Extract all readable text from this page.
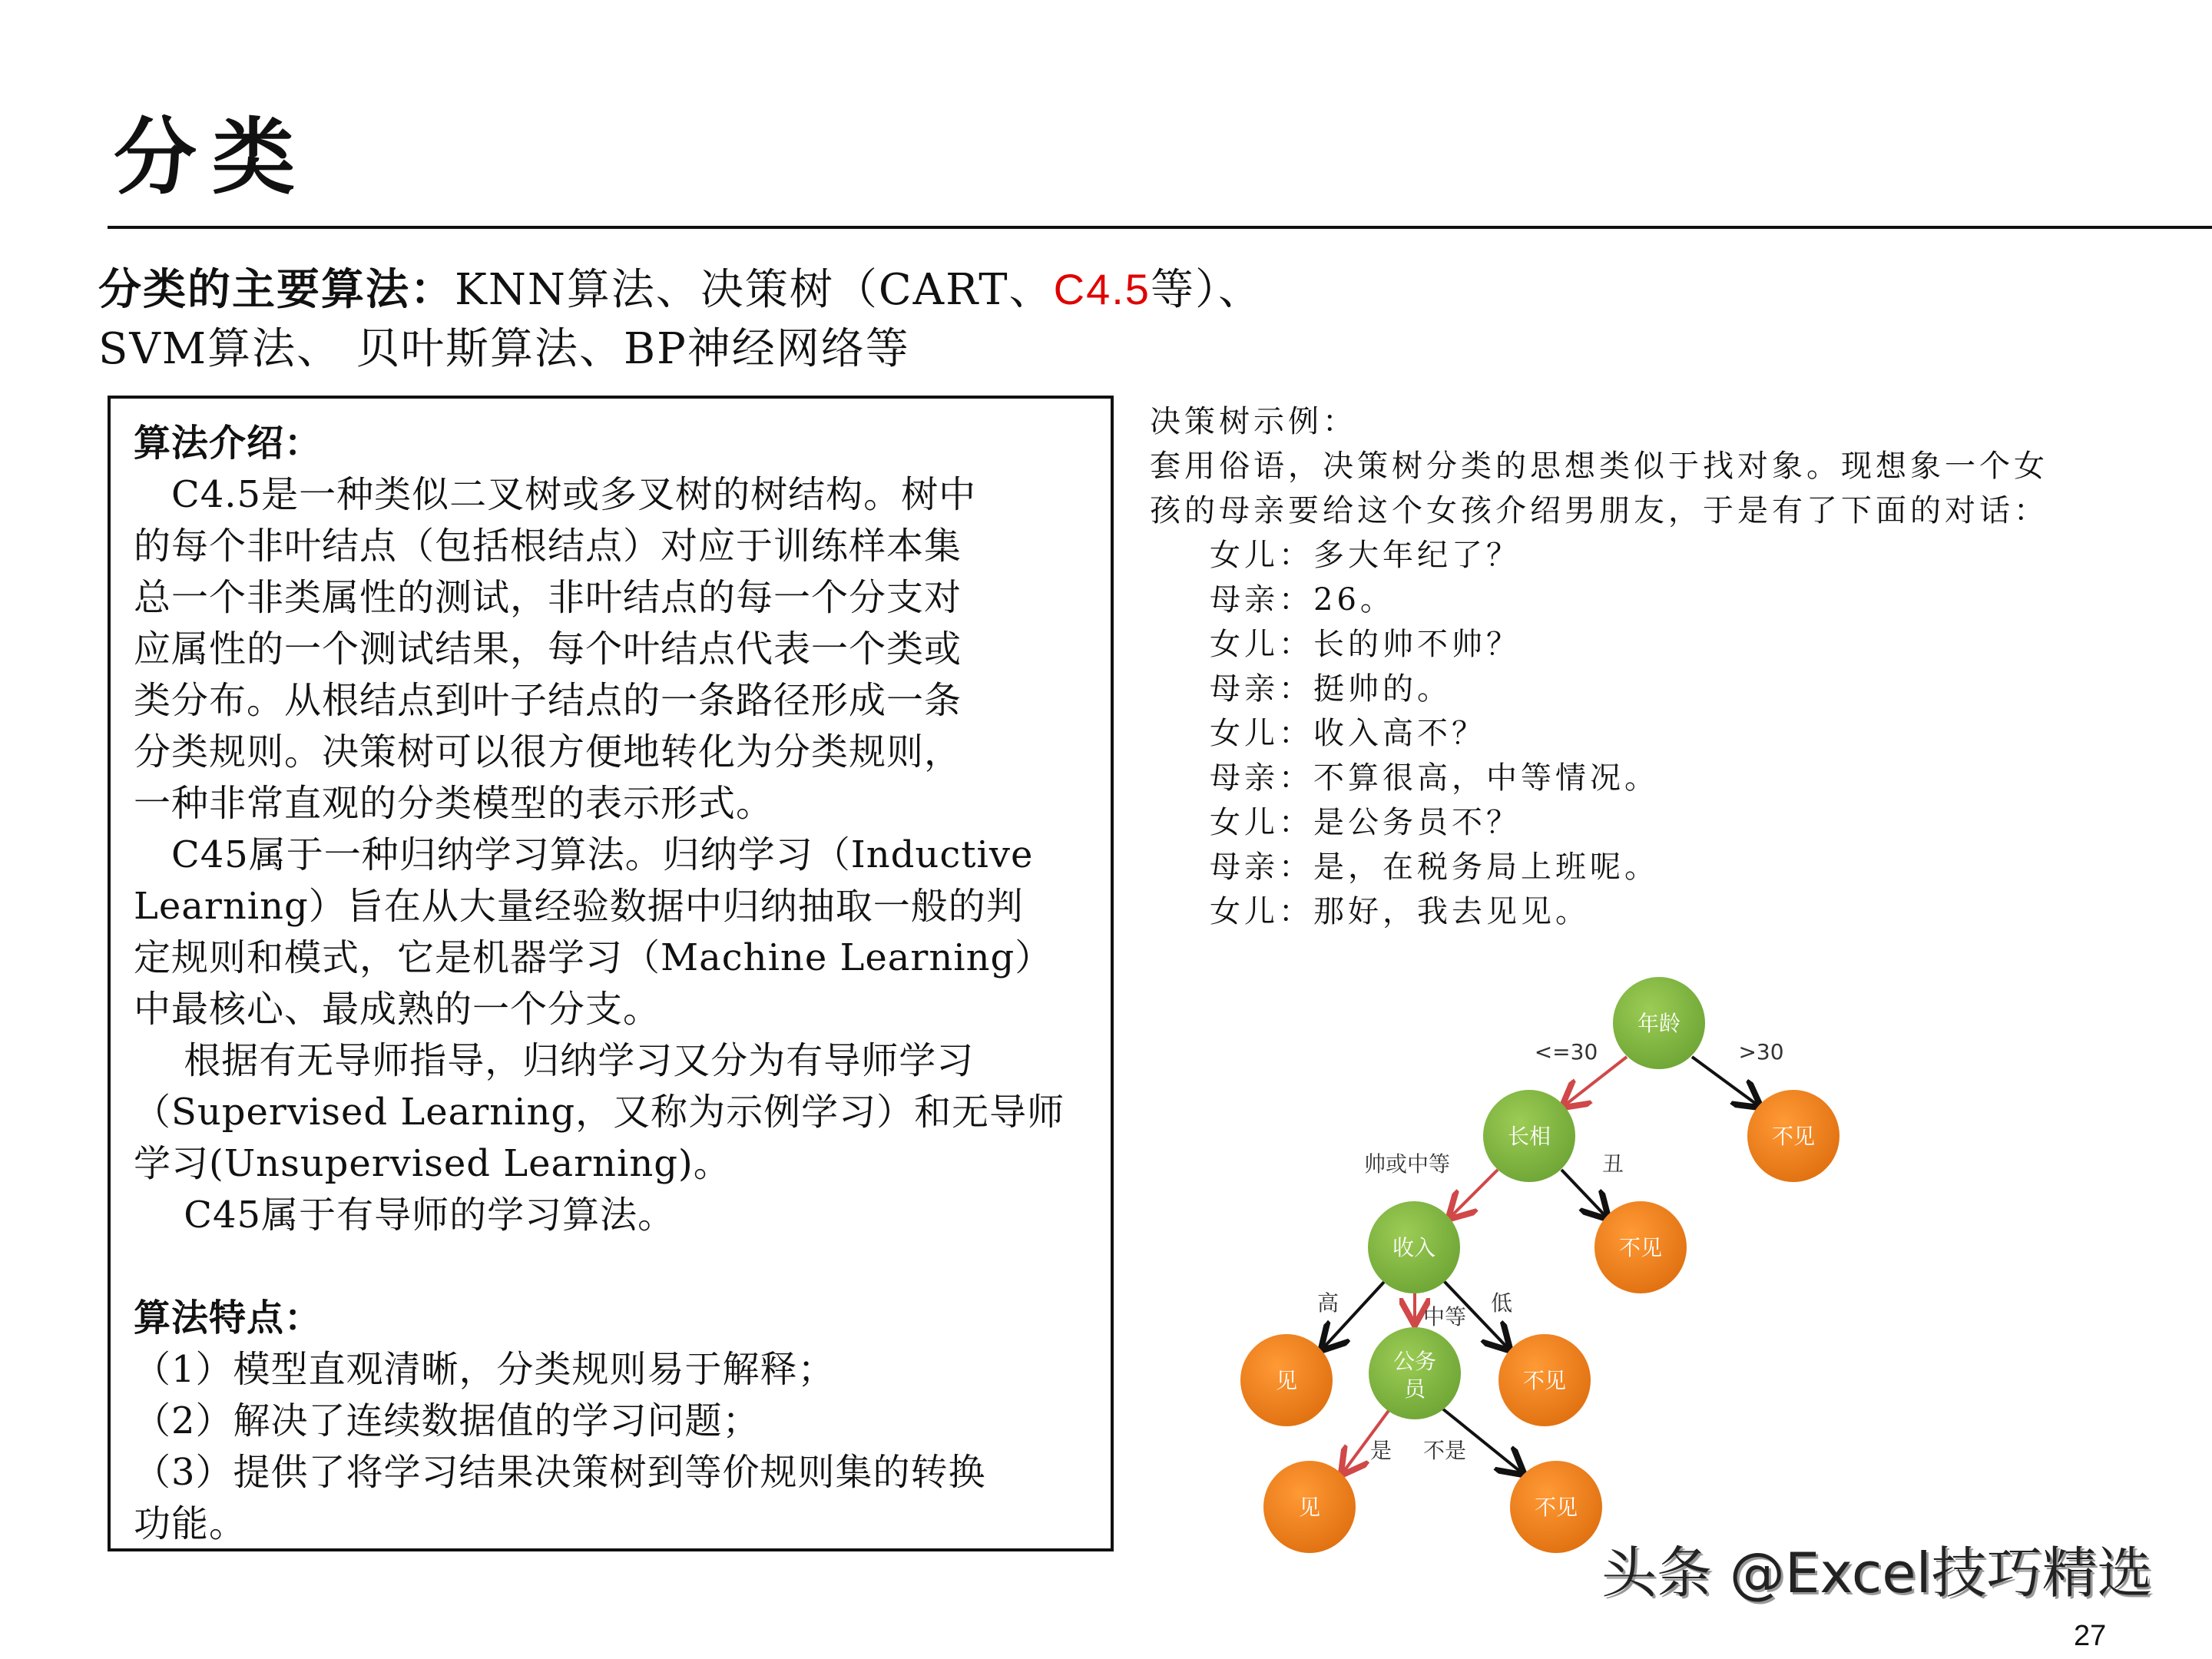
分类
分类的主要算法：KNN算法、决策树（CART、C4.5等）、
SVM算法、 贝叶斯算法、BP神经网络等
算法介绍：
　C4.5是一种类似二叉树或多叉树的树结构。树中
的每个非叶结点（包括根结点）对应于训练样本集
总一个非类属性的测试，非叶结点的每一个分支对
应属性的一个测试结果，每个叶结点代表一个类或
类分布。从根结点到叶子结点的一条路径形成一条
分类规则。决策树可以很方便地转化为分类规则，
一种非常直观的分类模型的表示形式。
　C45属于一种归纳学习算法。归纳学习（Inductive
Learning）旨在从大量经验数据中归纳抽取一般的判
定规则和模式，它是机器学习（Machine Learning）
中最核心、最成熟的一个分支。
　 根据有无导师指导，归纳学习又分为有导师学习
（Supervised Learning，又称为示例学习）和无导师
学习(Unsupervised Learning)。
　 C45属于有导师的学习算法。
算法特点：
（1）模型直观清晰，分类规则易于解释；
（2）解决了连续数据值的学习问题；
（3）提供了将学习结果决策树到等价规则集的转换
功能。
决策树示例：
套用俗语，决策树分类的思想类似于找对象。现想象一个女
孩的母亲要给这个女孩介绍男朋友，于是有了下面的对话：
女儿：多大年纪了？
母亲：26。
女儿：长的帅不帅？
母亲：挺帅的。
女儿：收入高不？
母亲：不算很高，中等情况。
女儿：是公务员不？
母亲：是，在税务局上班呢。
女儿：那好，我去见见。
<=30	>30
帅或中等	丑
高
中等
低
是 不是
年龄
长相	不见
收入	不见
见
公务
员	不见
见	不见
头条 @Excel技巧精选
27
